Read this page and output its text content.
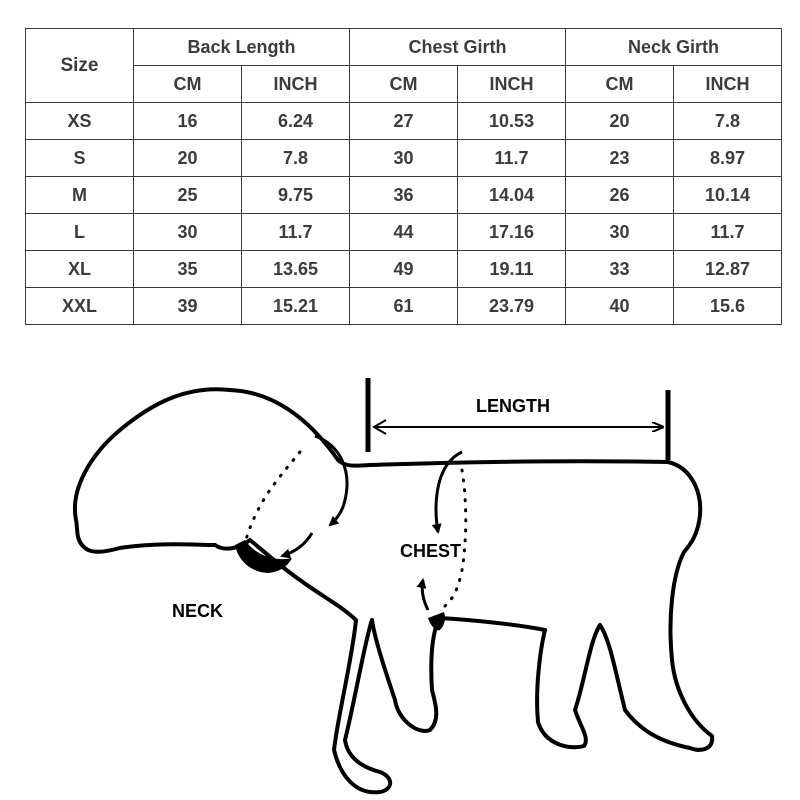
Size	Back Length		Chest Girth		Neck Girth	
	CM	INCH	CM	INCH	CM	INCH
XS	16	6.24	27	10.53	20	7.8
S	20	7.8	30	11.7	23	8.97
M	25	9.75	36	14.04	26	10.14
L	30	11.7	44	17.16	30	11.7
XL	35	13.65	49	19.11	33	12.87
XXL	39	15.21	61	23.79	40	15.6
LENGTH
CHEST
NECK
